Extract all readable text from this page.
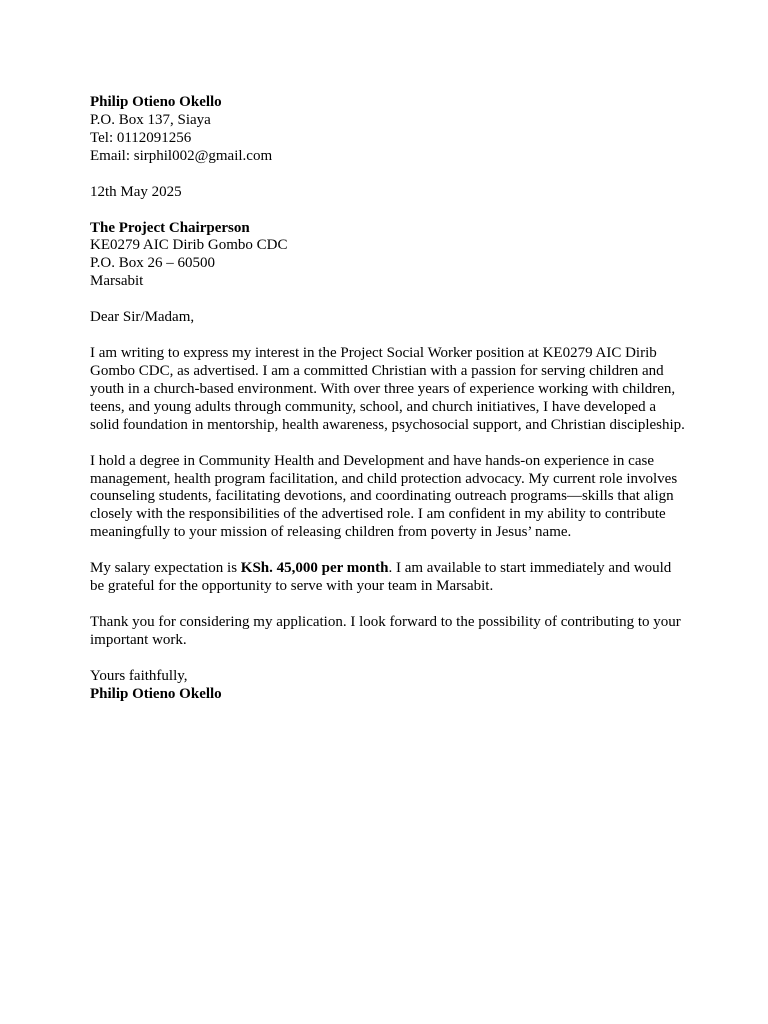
Philip Otieno Okello
P.O. Box 137, Siaya
Tel: 0112091256
Email: sirphil002@gmail.com
12th May 2025
The Project Chairperson
KE0279 AIC Dirib Gombo CDC
P.O. Box 26 – 60500
Marsabit
Dear Sir/Madam,

I am writing to express my interest in the Project Social Worker position at KE0279 AIC Dirib Gombo CDC, as advertised. I am a committed Christian with a passion for serving children and youth in a church-based environment. With over three years of experience working with children, teens, and young adults through community, school, and church initiatives, I have developed a solid foundation in mentorship, health awareness, psychosocial support, and Christian discipleship.

I hold a degree in Community Health and Development and have hands-on experience in case management, health program facilitation, and child protection advocacy. My current role involves counseling students, facilitating devotions, and coordinating outreach programs—skills that align closely with the responsibilities of the advertised role. I am confident in my ability to contribute meaningfully to your mission of releasing children from poverty in Jesus’ name.

My salary expectation is KSh. 45,000 per month. I am available to start immediately and would be grateful for the opportunity to serve with your team in Marsabit.

Thank you for considering my application. I look forward to the possibility of contributing to your important work.

Yours faithfully,
Philip Otieno Okello
